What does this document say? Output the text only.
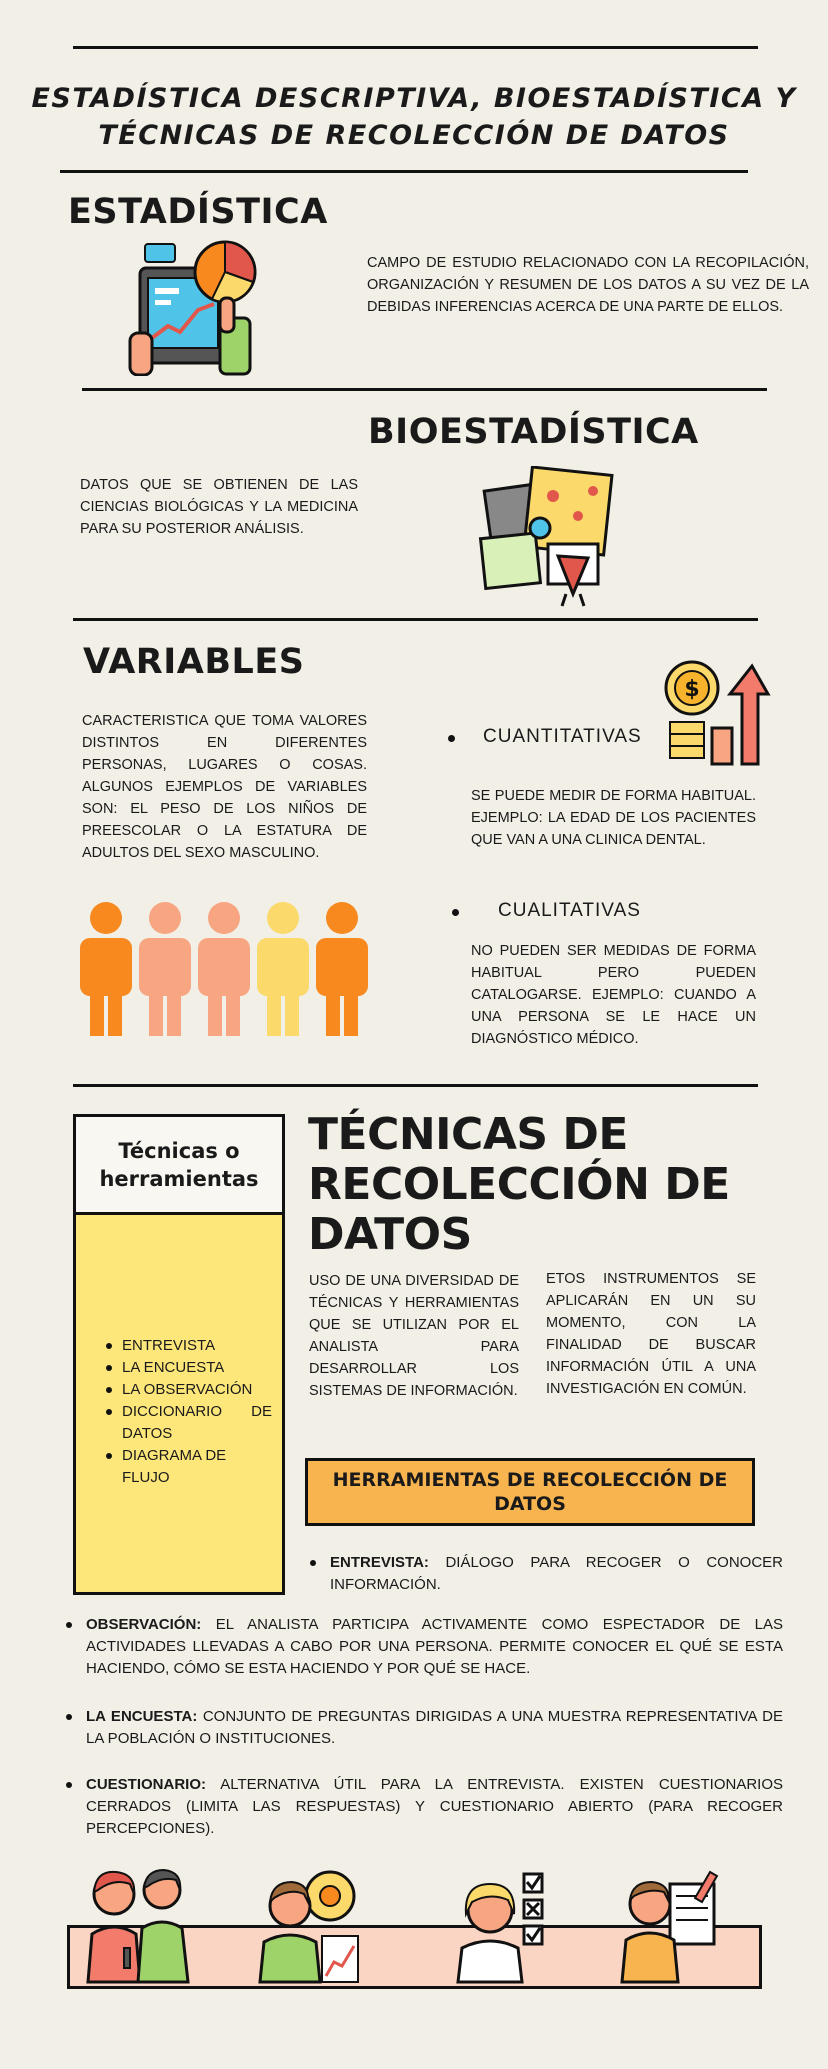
ESTADÍSTICA DESCRIPTIVA, BIOESTADÍSTICA Y TÉCNICAS DE RECOLECCIÓN DE DATOS
ESTADÍSTICA
CAMPO DE ESTUDIO RELACIONADO CON LA RECOPILACIÓN, ORGANIZACIÓN Y RESUMEN DE LOS DATOS A SU VEZ DE LA DEBIDAS INFERENCIAS ACERCA DE UNA PARTE DE ELLOS.
BIOESTADÍSTICA
DATOS QUE SE OBTIENEN DE LAS CIENCIAS BIOLÓGICAS Y LA MEDICINA PARA SU POSTERIOR ANÁLISIS.
VARIABLES
CARACTERISTICA QUE TOMA VALORES DISTINTOS EN DIFERENTES PERSONAS, LUGARES O COSAS. ALGUNOS EJEMPLOS DE VARIABLES SON: EL PESO DE LOS NIÑOS DE PREESCOLAR O LA ESTATURA DE ADULTOS DEL SEXO MASCULINO.
CUANTITATIVAS
$
SE PUEDE MEDIR DE FORMA HABITUAL. EJEMPLO: LA EDAD DE LOS PACIENTES QUE VAN A UNA CLINICA DENTAL.
CUALITATIVAS
NO PUEDEN SER MEDIDAS DE FORMA HABITUAL PERO PUEDEN CATALOGARSE. EJEMPLO: CUANDO A UNA PERSONA SE LE HACE UN DIAGNÓSTICO MÉDICO.
Técnicas o herramientas
ENTREVISTA
LA ENCUESTA
LA OBSERVACIÓN
DICCIONARIO DE DATOS
DIAGRAMA DE FLUJO
TÉCNICAS DE RECOLECCIÓN DE DATOS
USO DE UNA DIVERSIDAD DE TÉCNICAS Y HERRAMIENTAS QUE SE UTILIZAN POR EL ANALISTA PARA DESARROLLAR LOS SISTEMAS DE INFORMACIÓN.
ETOS INSTRUMENTOS SE APLICARÁN EN UN SU MOMENTO, CON LA FINALIDAD DE BUSCAR INFORMACIÓN ÚTIL A UNA INVESTIGACIÓN EN COMÚN.
HERRAMIENTAS DE RECOLECCIÓN DE DATOS
ENTREVISTA: DIÁLOGO PARA RECOGER O CONOCER INFORMACIÓN.
OBSERVACIÓN: EL ANALISTA PARTICIPA ACTIVAMENTE COMO ESPECTADOR DE LAS ACTIVIDADES LLEVADAS A CABO POR UNA PERSONA. PERMITE CONOCER EL QUÉ SE ESTA HACIENDO, CÓMO SE ESTA HACIENDO Y POR QUÉ SE HACE.
LA ENCUESTA: CONJUNTO DE PREGUNTAS DIRIGIDAS A UNA MUESTRA REPRESENTATIVA DE LA POBLACIÓN O INSTITUCIONES.
CUESTIONARIO: ALTERNATIVA ÚTIL PARA LA ENTREVISTA. EXISTEN CUESTIONARIOS CERRADOS (LIMITA LAS RESPUESTAS) Y CUESTIONARIO ABIERTO (PARA RECOGER PERCEPCIONES).
